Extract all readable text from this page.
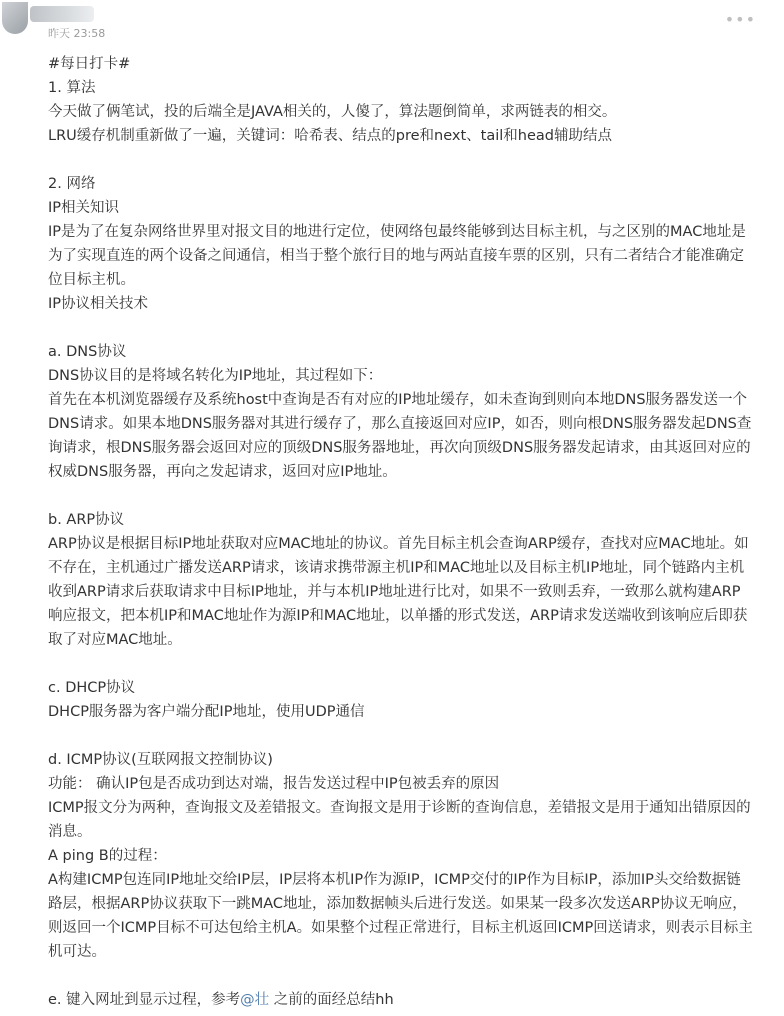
昨天 23:58
•••
#每日打卡#
1. 算法
今天做了俩笔试，投的后端全是JAVA相关的，人傻了，算法题倒简单，求两链表的相交。
LRU缓存机制重新做了一遍，关键词：哈希表、结点的pre和next、tail和head辅助结点
2. 网络
IP相关知识
IP是为了在复杂网络世界里对报文目的地进行定位，使网络包最终能够到达目标主机，与之区别的MAC地址是为了实现直连的两个设备之间通信，相当于整个旅行目的地与两站直接车票的区别，只有二者结合才能准确定位目标主机。
IP协议相关技术
a. DNS协议
DNS协议目的是将域名转化为IP地址，其过程如下：
首先在本机浏览器缓存及系统host中查询是否有对应的IP地址缓存，如未查询到则向本地DNS服务器发送一个DNS请求。如果本地DNS服务器对其进行缓存了，那么直接返回对应IP，如否，则向根DNS服务器发起DNS查询请求，根DNS服务器会返回对应的顶级DNS服务器地址，再次向顶级DNS服务器发起请求，由其返回对应的权威DNS服务器，再向之发起请求，返回对应IP地址。
b. ARP协议
ARP协议是根据目标IP地址获取对应MAC地址的协议。首先目标主机会查询ARP缓存，查找对应MAC地址。如不存在，主机通过广播发送ARP请求，该请求携带源主机IP和MAC地址以及目标主机IP地址，同个链路内主机收到ARP请求后获取请求中目标IP地址，并与本机IP地址进行比对，如果不一致则丢弃，一致那么就构建ARP响应报文，把本机IP和MAC地址作为源IP和MAC地址，以单播的形式发送，ARP请求发送端收到该响应后即获取了对应MAC地址。
c. DHCP协议
DHCP服务器为客户端分配IP地址，使用UDP通信
d. ICMP协议(互联网报文控制协议)
功能： 确认IP包是否成功到达对端，报告发送过程中IP包被丢弃的原因
ICMP报文分为两种，查询报文及差错报文。查询报文是用于诊断的查询信息，差错报文是用于通知出错原因的消息。
A ping B的过程：
A构建ICMP包连同IP地址交给IP层，IP层将本机IP作为源IP，ICMP交付的IP作为目标IP，添加IP头交给数据链路层，根据ARP协议获取下一跳MAC地址，添加数据帧头后进行发送。如果某一段多次发送ARP协议无响应，则返回一个ICMP目标不可达包给主机A。如果整个过程正常进行，目标主机返回ICMP回送请求，则表示目标主机可达。
e. 键入网址到显示过程，参考@壮 之前的面经总结hh
